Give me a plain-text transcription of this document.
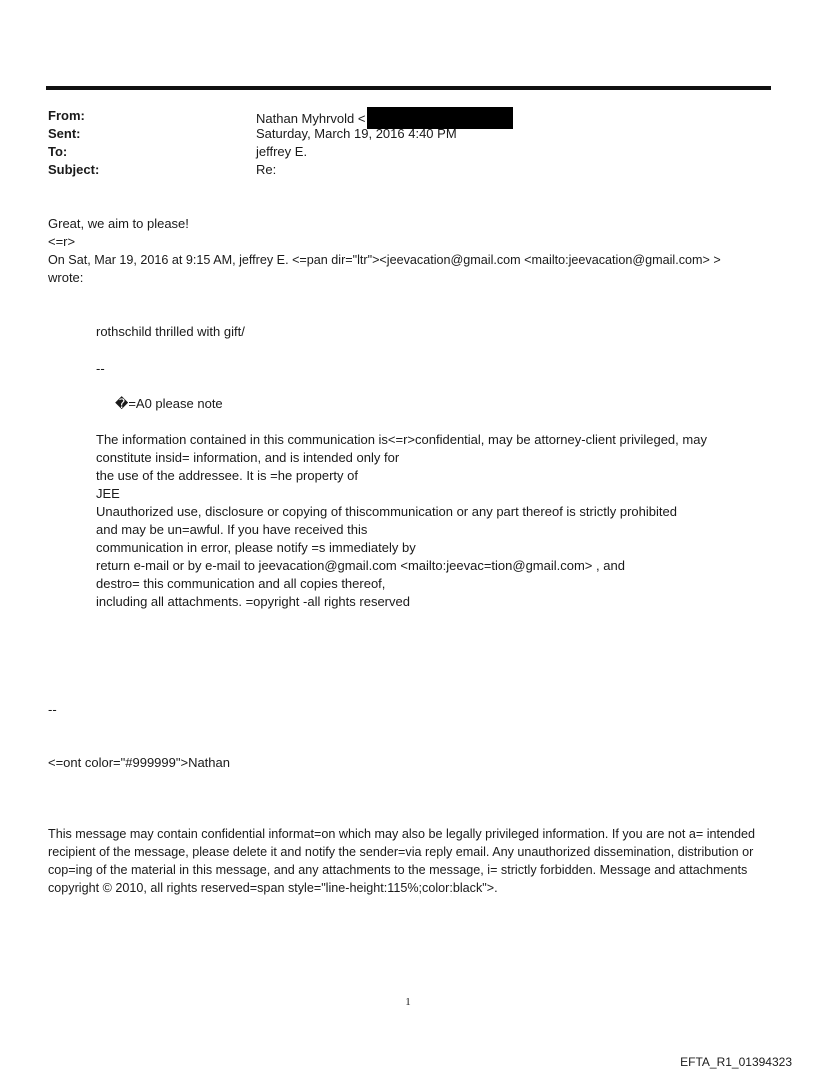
From:	Nathan Myhrvold <
Sent:	Saturday, March 19, 2016 4:40 PM
To:	jeffrey E.
Subject:	Re:
Great, we aim to please!
<=r>
On Sat, Mar 19, 2016 at 9:15 AM, jeffrey E. <=pan dir="ltr"><jeevacation@gmail.com <mailto:jeevacation@gmail.com> >
wrote:
rothschild thrilled with gift/
--
�=A0 please note
The information contained in this communication is<=r>confidential, may be attorney-client privileged, may
constitute insid= information, and is intended only for
the use of the addressee. It is =he property of
JEE
Unauthorized use, disclosure or copying of thiscommunication or any part thereof is strictly prohibited
and may be un=awful. If you have received this
communication in error, please notify =s immediately by
return e-mail or by e-mail to jeevacation@gmail.com <mailto:jeevac=tion@gmail.com> , and
destro= this communication and all copies thereof,
including all attachments. =opyright -all rights reserved
--
<=ont color="#999999">Nathan
This message may contain confidential informat=on which may also be legally privileged information. If you are not a= intended recipient of the message, please delete it and notify the sender=via reply email. Any unauthorized dissemination, distribution or cop=ing of the material in this message, and any attachments to the message, i= strictly forbidden. Message and attachments copyright © 2010, all rights reserved=span style="line-height:115%;color:black">.
1
EFTA_R1_01394323
